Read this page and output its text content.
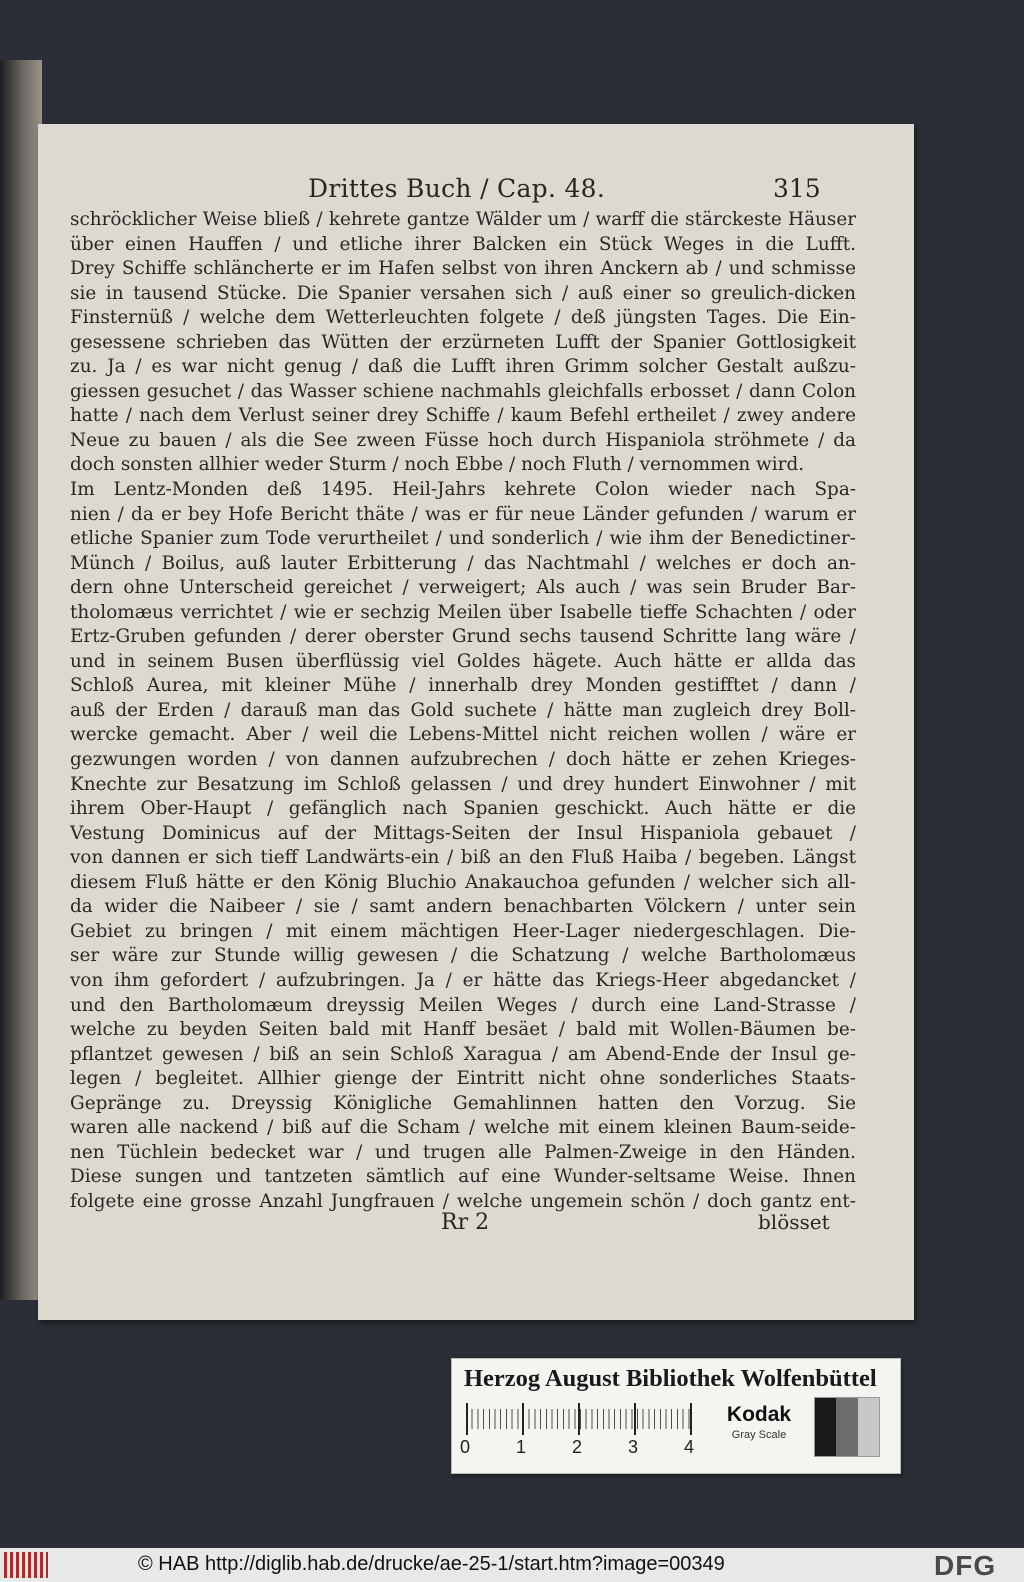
Drittes Buch / Cap. 48.	315
schröcklicher Weise bließ / kehrete gantze Wälder um / warff die stärckeste Häuser
über einen Hauffen / und etliche ihrer Balcken ein Stück Weges in die Lufft.
Drey Schiffe schläncherte er im Hafen selbst von ihren Anckern ab / und schmisse
sie in tausend Stücke. Die Spanier versahen sich / auß einer so greulich-dicken
Finsternüß / welche dem Wetterleuchten folgete / deß jüngsten Tages. Die Ein-
gesessene schrieben das Wütten der erzürneten Lufft der Spanier Gottlosigkeit
zu. Ja / es war nicht genug / daß die Lufft ihren Grimm solcher Gestalt außzu-
giessen gesuchet / das Wasser schiene nachmahls gleichfalls erbosset / dann Colon
hatte / nach dem Verlust seiner drey Schiffe / kaum Befehl ertheilet / zwey andere
Neue zu bauen / als die See zween Füsse hoch durch Hispaniola ströhmete / da
doch sonsten allhier weder Sturm / noch Ebbe / noch Fluth / vernommen wird.
Im Lentz-Monden deß 1495. Heil-Jahrs kehrete Colon wieder nach Spa-
nien / da er bey Hofe Bericht thäte / was er für neue Länder gefunden / warum er
etliche Spanier zum Tode verurtheilet / und sonderlich / wie ihm der Benedictiner-
Münch / Boilus, auß lauter Erbitterung / das Nachtmahl / welches er doch an-
dern ohne Unterscheid gereichet / verweigert; Als auch / was sein Bruder Bar-
tholomæus verrichtet / wie er sechzig Meilen über Isabelle tieffe Schachten / oder
Ertz-Gruben gefunden / derer oberster Grund sechs tausend Schritte lang wäre /
und in seinem Busen überflüssig viel Goldes hägete. Auch hätte er allda das
Schloß Aurea, mit kleiner Mühe / innerhalb drey Monden gestifftet / dann /
auß der Erden / darauß man das Gold suchete / hätte man zugleich drey Boll-
wercke gemacht. Aber / weil die Lebens-Mittel nicht reichen wollen / wäre er
gezwungen worden / von dannen aufzubrechen / doch hätte er zehen Krieges-
Knechte zur Besatzung im Schloß gelassen / und drey hundert Einwohner / mit
ihrem Ober-Haupt / gefänglich nach Spanien geschickt. Auch hätte er die
Vestung Dominicus auf der Mittags-Seiten der Insul Hispaniola gebauet /
von dannen er sich tieff Landwärts-ein / biß an den Fluß Haiba / begeben. Längst
diesem Fluß hätte er den König Bluchio Anakauchoa gefunden / welcher sich all-
da wider die Naibeer / sie / samt andern benachbarten Völckern / unter sein
Gebiet zu bringen / mit einem mächtigen Heer-Lager niedergeschlagen. Die-
ser wäre zur Stunde willig gewesen / die Schatzung / welche Bartholomæus
von ihm gefordert / aufzubringen. Ja / er hätte das Kriegs-Heer abgedancket /
und den Bartholomæum dreyssig Meilen Weges / durch eine Land-Strasse /
welche zu beyden Seiten bald mit Hanff besäet / bald mit Wollen-Bäumen be-
pflantzet gewesen / biß an sein Schloß Xaragua / am Abend-Ende der Insul ge-
legen / begleitet. Allhier gienge der Eintritt nicht ohne sonderliches Staats-
Gepränge zu. Dreyssig Königliche Gemahlinnen hatten den Vorzug. Sie
waren alle nackend / biß auf die Scham / welche mit einem kleinen Baum-seide-
nen Tüchlein bedecket war / und trugen alle Palmen-Zweige in den Händen.
Diese sungen und tantzeten sämtlich auf eine Wunder-seltsame Weise. Ihnen
folgete eine grosse Anzahl Jungfrauen / welche ungemein schön / doch gantz ent-
Rr 2	blösset
Herzog August Bibliothek Wolfenbüttel
0	1	2	3	4
Kodak
Gray Scale
© HAB http://diglib.hab.de/drucke/ae-25-1/start.htm?image=00349	DFG
